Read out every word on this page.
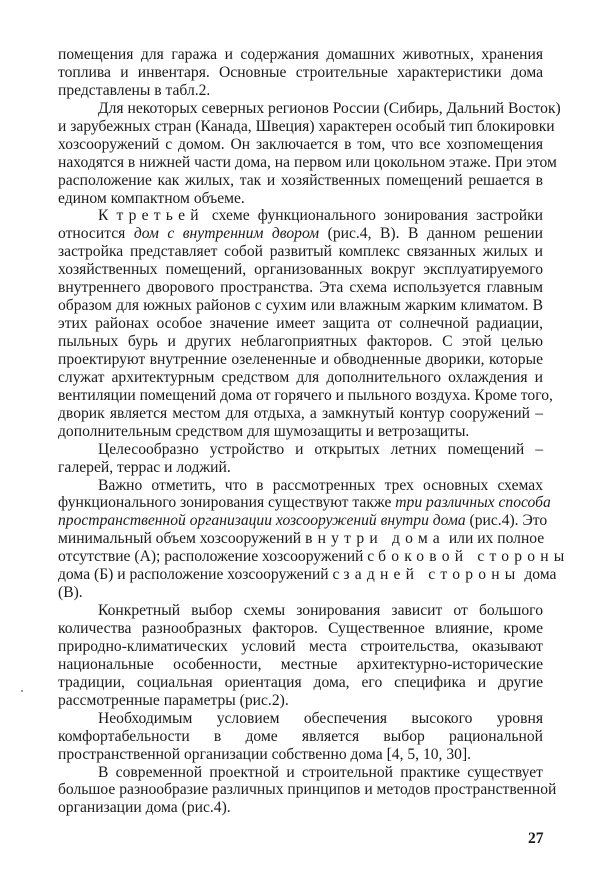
помещения для гаража и содержания домашних животных, хранения
топлива и инвентаря. Основные строительные характеристики дома
представлены в табл.2.
Для некоторых северных регионов России (Сибирь, Дальний Восток)
и зарубежных стран (Канада, Швеция) характерен особый тип блокировки
хозсооружений с домом. Он заключается в том, что все хозпомещения
находятся в нижней части дома, на первом или цокольном этаже. При этом
расположение как жилых, так и хозяйственных помещений решается в
едином компактном объеме.
К третьей схеме функционального зонирования застройки
относится дом с внутренним двором (рис.4, В). В данном решении
застройка представляет собой развитый комплекс связанных жилых и
хозяйственных помещений, организованных вокруг эксплуатируемого
внутреннего дворового пространства. Эта схема используется главным
образом для южных районов с сухим или влажным жарким климатом. В
этих районах особое значение имеет защита от солнечной радиации,
пыльных бурь и других неблагоприятных факторов. С этой целью
проектируют внутренние озелененные и обводненные дворики, которые
служат архитектурным средством для дополнительного охлаждения и
вентиляции помещений дома от горячего и пыльного воздуха. Кроме того,
дворик является местом для отдыха, а замкнутый контур сооружений –
дополнительным средством для шумозащиты и ветрозащиты.
Целесообразно устройство и открытых летних помещений –
галерей, террас и лоджий.
Важно отметить, что в рассмотренных трех основных схемах
функционального зонирования существуют также три различных способа
пространственной организации хозсооружений внутри дома (рис.4). Это
минимальный объем хозсооружений внутри дома или их полное
отсутствие (А); расположение хозсооружений с боковой стороны
дома (Б) и расположение хозсооружений с задней стороны дома
(В).
Конкретный выбор схемы зонирования зависит от большого
количества разнообразных факторов. Существенное влияние, кроме
природно-климатических условий места строительства, оказывают
национальные особенности, местные архитектурно-исторические
традиции, социальная ориентация дома, его специфика и другие
рассмотренные параметры (рис.2).
Необходимым условием обеспечения высокого уровня
комфортабельности в доме является выбор рациональной
пространственной организации собственно дома [4, 5, 10, 30].
В современной проектной и строительной практике существует
большое разнообразие различных принципов и методов пространственной
организации дома (рис.4).
27
